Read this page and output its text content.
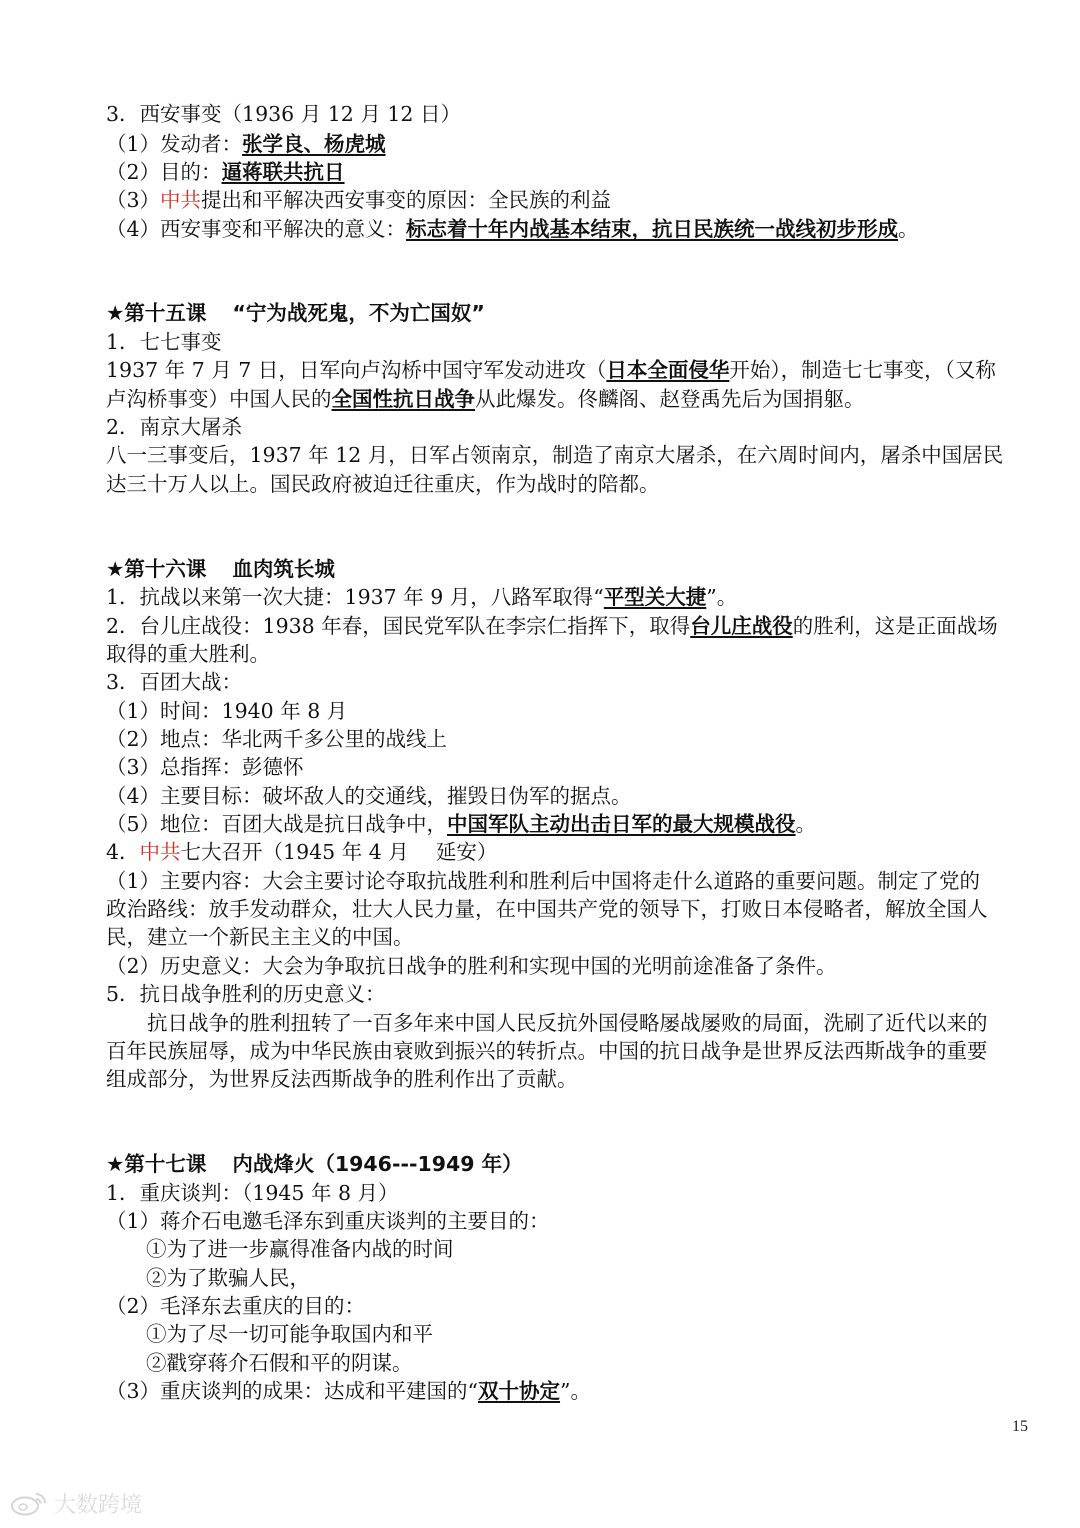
3．西安事变（1936 月 12 月 12 日）
（1）发动者：张学良、杨虎城
（2）目的：逼蒋联共抗日
（3）中共提出和平解决西安事变的原因：全民族的利益
（4）西安事变和平解决的意义：标志着十年内战基本结束，抗日民族统一战线初步形成。
★第十五课 “宁为战死鬼，不为亡国奴”
1．七七事变
1937 年 7 月 7 日，日军向卢沟桥中国守军发动进攻（日本全面侵华开始），制造七七事变，（又称
卢沟桥事变）中国人民的全国性抗日战争从此爆发。佟麟阁、赵登禹先后为国捐躯。
2．南京大屠杀
八一三事变后，1937 年 12 月，日军占领南京，制造了南京大屠杀，在六周时间内，屠杀中国居民
达三十万人以上。国民政府被迫迁往重庆，作为战时的陪都。
★第十六课 血肉筑长城
1．抗战以来第一次大捷：1937 年 9 月，八路军取得“平型关大捷”。
2．台儿庄战役：1938 年春，国民党军队在李宗仁指挥下，取得台儿庄战役的胜利，这是正面战场
取得的重大胜利。
3．百团大战：
（1）时间：1940 年 8 月
（2）地点：华北两千多公里的战线上
（3）总指挥：彭德怀
（4）主要目标：破坏敌人的交通线，摧毁日伪军的据点。
（5）地位：百团大战是抗日战争中，中国军队主动出击日军的最大规模战役。
4．中共七大召开（1945 年 4 月　 延安）
（1）主要内容：大会主要讨论夺取抗战胜利和胜利后中国将走什么道路的重要问题。制定了党的
政治路线：放手发动群众，壮大人民力量，在中国共产党的领导下，打败日本侵略者，解放全国人
民，建立一个新民主主义的中国。
（2）历史意义：大会为争取抗日战争的胜利和实现中国的光明前途准备了条件。
5．抗日战争胜利的历史意义：
　　抗日战争的胜利扭转了一百多年来中国人民反抗外国侵略屡战屡败的局面，洗刷了近代以来的
百年民族屈辱，成为中华民族由衰败到振兴的转折点。中国的抗日战争是世界反法西斯战争的重要
组成部分，为世界反法西斯战争的胜利作出了贡献。
★第十七课 内战烽火（1946---1949 年）
1．重庆谈判：（1945 年 8 月）
（1）蒋介石电邀毛泽东到重庆谈判的主要目的：
①为了进一步赢得准备内战的时间
②为了欺骗人民，
（2）毛泽东去重庆的目的：
①为了尽一切可能争取国内和平
②戳穿蒋介石假和平的阴谋。
（3）重庆谈判的成果：达成和平建国的“双十协定”。
15
大数跨境
